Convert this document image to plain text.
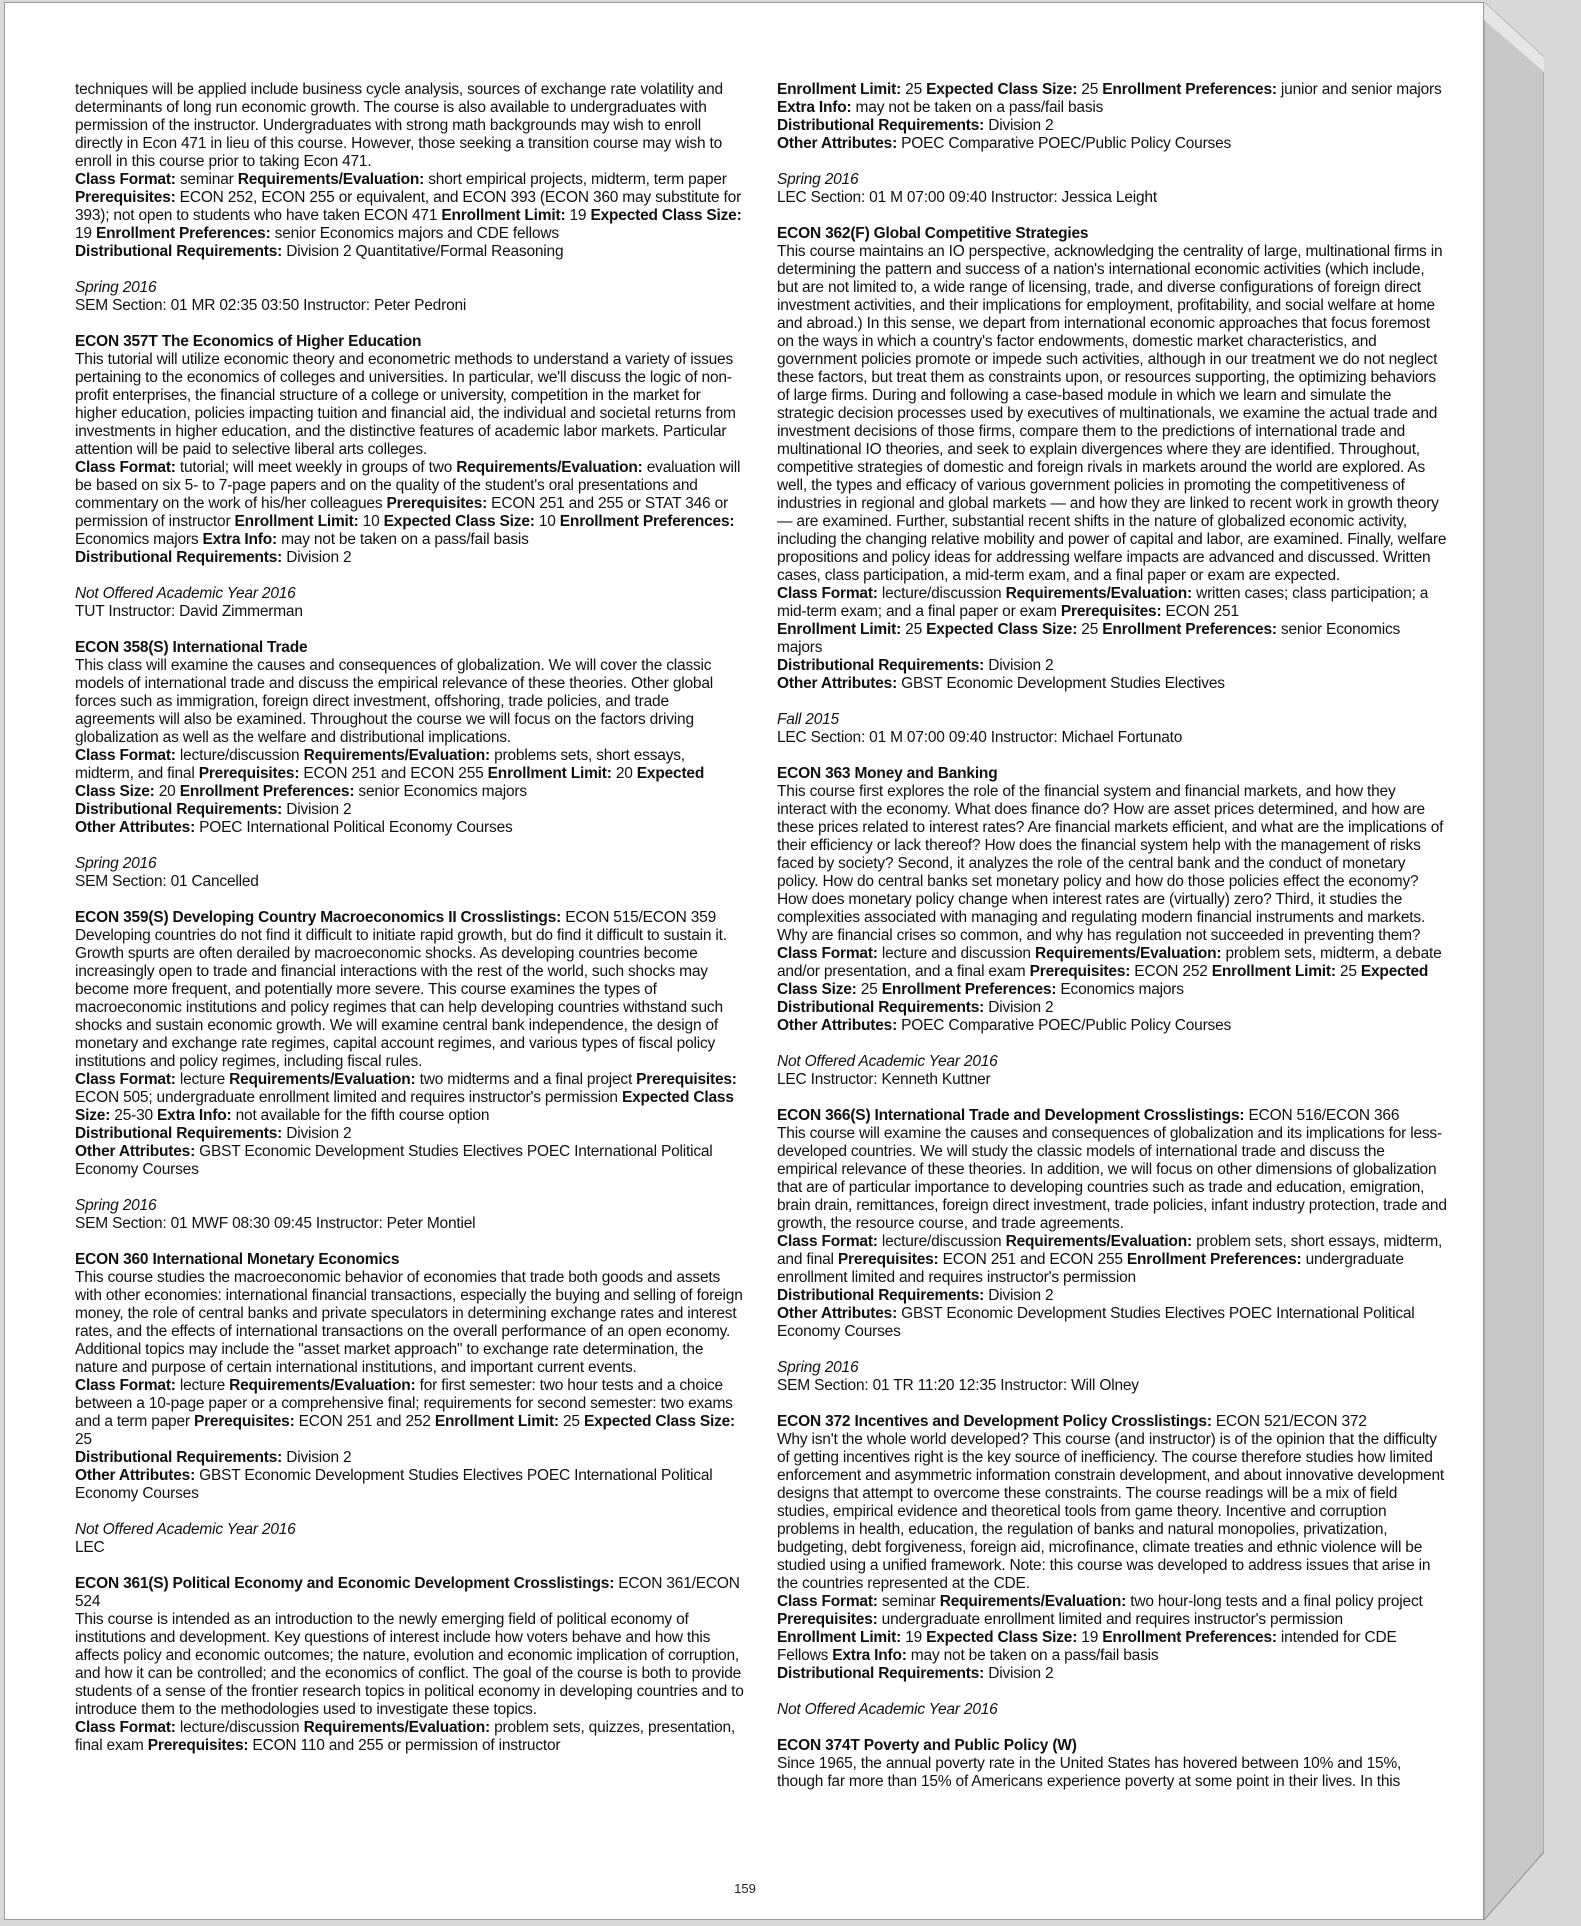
techniques will be applied include business cycle analysis, sources of exchange rate volatility and determinants of long run economic growth. The course is also available to undergraduates with permission of the instructor. Undergraduates with strong math backgrounds may wish to enroll directly in Econ 471 in lieu of this course. However, those seeking a transition course may wish to enroll in this course prior to taking Econ 471.
Class Format: seminar Requirements/Evaluation: short empirical projects, midterm, term paper Prerequisites: ECON 252, ECON 255 or equivalent, and ECON 393 (ECON 360 may substitute for 393); not open to students who have taken ECON 471 Enrollment Limit: 19 Expected Class Size: 19 Enrollment Preferences: senior Economics majors and CDE fellows
Distributional Requirements: Division 2 Quantitative/Formal Reasoning
Spring 2016
SEM Section: 01 MR 02:35 03:50 Instructor: Peter Pedroni
ECON 357T The Economics of Higher Education
This tutorial will utilize economic theory and econometric methods to understand a variety of issues pertaining to the economics of colleges and universities. In particular, we'll discuss the logic of non-profit enterprises, the financial structure of a college or university, competition in the market for higher education, policies impacting tuition and financial aid, the individual and societal returns from investments in higher education, and the distinctive features of academic labor markets. Particular attention will be paid to selective liberal arts colleges.
Class Format: tutorial; will meet weekly in groups of two Requirements/Evaluation: evaluation will be based on six 5- to 7-page papers and on the quality of the student's oral presentations and commentary on the work of his/her colleagues Prerequisites: ECON 251 and 255 or STAT 346 or permission of instructor Enrollment Limit: 10 Expected Class Size: 10 Enrollment Preferences: Economics majors Extra Info: may not be taken on a pass/fail basis
Distributional Requirements: Division 2
Not Offered Academic Year 2016
TUT Instructor: David Zimmerman
ECON 358(S) International Trade
This class will examine the causes and consequences of globalization. We will cover the classic models of international trade and discuss the empirical relevance of these theories. Other global forces such as immigration, foreign direct investment, offshoring, trade policies, and trade agreements will also be examined. Throughout the course we will focus on the factors driving globalization as well as the welfare and distributional implications.
Class Format: lecture/discussion Requirements/Evaluation: problems sets, short essays, midterm, and final Prerequisites: ECON 251 and ECON 255 Enrollment Limit: 20 Expected Class Size: 20 Enrollment Preferences: senior Economics majors
Distributional Requirements: Division 2
Other Attributes: POEC International Political Economy Courses
Spring 2016
SEM Section: 01 Cancelled
ECON 359(S) Developing Country Macroeconomics II Crosslistings: ECON 515/ECON 359
Developing countries do not find it difficult to initiate rapid growth, but do find it difficult to sustain it. Growth spurts are often derailed by macroeconomic shocks. As developing countries become increasingly open to trade and financial interactions with the rest of the world, such shocks may become more frequent, and potentially more severe. This course examines the types of macroeconomic institutions and policy regimes that can help developing countries withstand such shocks and sustain economic growth. We will examine central bank independence, the design of monetary and exchange rate regimes, capital account regimes, and various types of fiscal policy institutions and policy regimes, including fiscal rules.
Class Format: lecture Requirements/Evaluation: two midterms and a final project Prerequisites: ECON 505; undergraduate enrollment limited and requires instructor's permission Expected Class Size: 25-30 Extra Info: not available for the fifth course option
Distributional Requirements: Division 2
Other Attributes: GBST Economic Development Studies Electives POEC International Political Economy Courses
Spring 2016
SEM Section: 01 MWF 08:30 09:45 Instructor: Peter Montiel
ECON 360 International Monetary Economics
This course studies the macroeconomic behavior of economies that trade both goods and assets with other economies: international financial transactions, especially the buying and selling of foreign money, the role of central banks and private speculators in determining exchange rates and interest rates, and the effects of international transactions on the overall performance of an open economy. Additional topics may include the "asset market approach" to exchange rate determination, the nature and purpose of certain international institutions, and important current events.
Class Format: lecture Requirements/Evaluation: for first semester: two hour tests and a choice between a 10-page paper or a comprehensive final; requirements for second semester: two exams and a term paper Prerequisites: ECON 251 and 252 Enrollment Limit: 25 Expected Class Size: 25
Distributional Requirements: Division 2
Other Attributes: GBST Economic Development Studies Electives POEC International Political Economy Courses
Not Offered Academic Year 2016
LEC
ECON 361(S) Political Economy and Economic Development Crosslistings: ECON 361/ECON 524
This course is intended as an introduction to the newly emerging field of political economy of institutions and development. Key questions of interest include how voters behave and how this affects policy and economic outcomes; the nature, evolution and economic implication of corruption, and how it can be controlled; and the economics of conflict. The goal of the course is both to provide students of a sense of the frontier research topics in political economy in developing countries and to introduce them to the methodologies used to investigate these topics.
Class Format: lecture/discussion Requirements/Evaluation: problem sets, quizzes, presentation, final exam Prerequisites: ECON 110 and 255 or permission of instructor
Enrollment Limit: 25 Expected Class Size: 25 Enrollment Preferences: junior and senior majors Extra Info: may not be taken on a pass/fail basis
Distributional Requirements: Division 2
Other Attributes: POEC Comparative POEC/Public Policy Courses
Spring 2016
LEC Section: 01 M 07:00 09:40 Instructor: Jessica Leight
ECON 362(F) Global Competitive Strategies
This course maintains an IO perspective, acknowledging the centrality of large, multinational firms in determining the pattern and success of a nation's international economic activities (which include, but are not limited to, a wide range of licensing, trade, and diverse configurations of foreign direct investment activities, and their implications for employment, profitability, and social welfare at home and abroad.) In this sense, we depart from international economic approaches that focus foremost on the ways in which a country's factor endowments, domestic market characteristics, and government policies promote or impede such activities, although in our treatment we do not neglect these factors, but treat them as constraints upon, or resources supporting, the optimizing behaviors of large firms. During and following a case-based module in which we learn and simulate the strategic decision processes used by executives of multinationals, we examine the actual trade and investment decisions of those firms, compare them to the predictions of international trade and multinational IO theories, and seek to explain divergences where they are identified. Throughout, competitive strategies of domestic and foreign rivals in markets around the world are explored. As well, the types and efficacy of various government policies in promoting the competitiveness of industries in regional and global markets — and how they are linked to recent work in growth theory — are examined. Further, substantial recent shifts in the nature of globalized economic activity, including the changing relative mobility and power of capital and labor, are examined. Finally, welfare propositions and policy ideas for addressing welfare impacts are advanced and discussed. Written cases, class participation, a mid-term exam, and a final paper or exam are expected.
Class Format: lecture/discussion Requirements/Evaluation: written cases; class participation; a mid-term exam; and a final paper or exam Prerequisites: ECON 251
Enrollment Limit: 25 Expected Class Size: 25 Enrollment Preferences: senior Economics majors
Distributional Requirements: Division 2
Other Attributes: GBST Economic Development Studies Electives
Fall 2015
LEC Section: 01 M 07:00 09:40 Instructor: Michael Fortunato
ECON 363 Money and Banking
This course first explores the role of the financial system and financial markets, and how they interact with the economy. What does finance do? How are asset prices determined, and how are these prices related to interest rates? Are financial markets efficient, and what are the implications of their efficiency or lack thereof? How does the financial system help with the management of risks faced by society? Second, it analyzes the role of the central bank and the conduct of monetary policy. How do central banks set monetary policy and how do those policies effect the economy? How does monetary policy change when interest rates are (virtually) zero? Third, it studies the complexities associated with managing and regulating modern financial instruments and markets. Why are financial crises so common, and why has regulation not succeeded in preventing them?
Class Format: lecture and discussion Requirements/Evaluation: problem sets, midterm, a debate and/or presentation, and a final exam Prerequisites: ECON 252 Enrollment Limit: 25 Expected Class Size: 25 Enrollment Preferences: Economics majors
Distributional Requirements: Division 2
Other Attributes: POEC Comparative POEC/Public Policy Courses
Not Offered Academic Year 2016
LEC Instructor: Kenneth Kuttner
ECON 366(S) International Trade and Development Crosslistings: ECON 516/ECON 366
This course will examine the causes and consequences of globalization and its implications for less-developed countries. We will study the classic models of international trade and discuss the empirical relevance of these theories. In addition, we will focus on other dimensions of globalization that are of particular importance to developing countries such as trade and education, emigration, brain drain, remittances, foreign direct investment, trade policies, infant industry protection, trade and growth, the resource course, and trade agreements.
Class Format: lecture/discussion Requirements/Evaluation: problem sets, short essays, midterm, and final Prerequisites: ECON 251 and ECON 255 Enrollment Preferences: undergraduate enrollment limited and requires instructor's permission
Distributional Requirements: Division 2
Other Attributes: GBST Economic Development Studies Electives POEC International Political Economy Courses
Spring 2016
SEM Section: 01 TR 11:20 12:35 Instructor: Will Olney
ECON 372 Incentives and Development Policy Crosslistings: ECON 521/ECON 372
Why isn't the whole world developed? This course (and instructor) is of the opinion that the difficulty of getting incentives right is the key source of inefficiency. The course therefore studies how limited enforcement and asymmetric information constrain development, and about innovative development designs that attempt to overcome these constraints. The course readings will be a mix of field studies, empirical evidence and theoretical tools from game theory. Incentive and corruption problems in health, education, the regulation of banks and natural monopolies, privatization, budgeting, debt forgiveness, foreign aid, microfinance, climate treaties and ethnic violence will be studied using a unified framework. Note: this course was developed to address issues that arise in the countries represented at the CDE.
Class Format: seminar Requirements/Evaluation: two hour-long tests and a final policy project Prerequisites: undergraduate enrollment limited and requires instructor's permission
Enrollment Limit: 19 Expected Class Size: 19 Enrollment Preferences: intended for CDE Fellows Extra Info: may not be taken on a pass/fail basis
Distributional Requirements: Division 2
Not Offered Academic Year 2016
ECON 374T Poverty and Public Policy (W)
Since 1965, the annual poverty rate in the United States has hovered between 10% and 15%, though far more than 15% of Americans experience poverty at some point in their lives. In this
159
